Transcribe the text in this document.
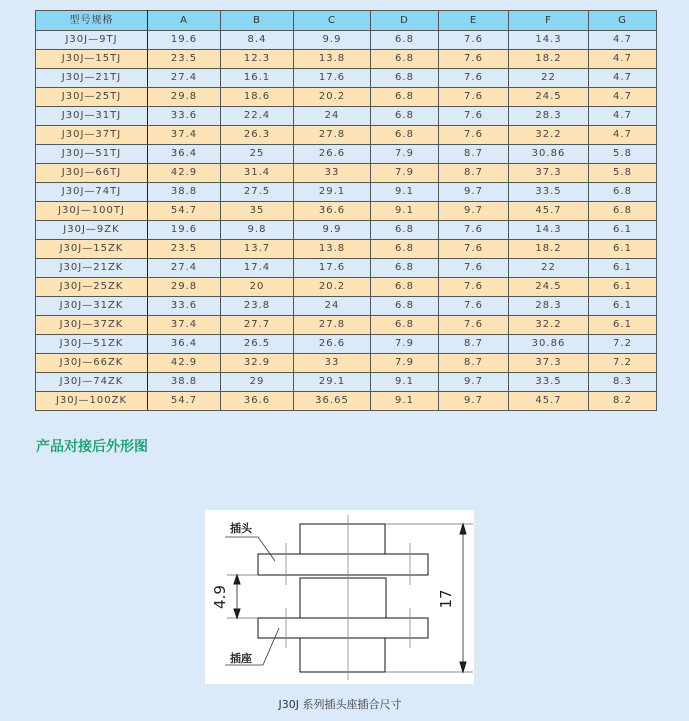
型号规格	A	B	C	D	E	F	G
J30J—9TJ	19.6	8.4	9.9	6.8	7.6	14.3	4.7
J30J—15TJ	23.5	12.3	13.8	6.8	7.6	18.2	4.7
J30J—21TJ	27.4	16.1	17.6	6.8	7.6	22	4.7
J30J—25TJ	29.8	18.6	20.2	6.8	7.6	24.5	4.7
J30J—31TJ	33.6	22.4	24	6.8	7.6	28.3	4.7
J30J—37TJ	37.4	26.3	27.8	6.8	7.6	32.2	4.7
J30J—51TJ	36.4	25	26.6	7.9	8.7	30.86	5.8
J30J—66TJ	42.9	31.4	33	7.9	8.7	37.3	5.8
J30J—74TJ	38.8	27.5	29.1	9.1	9.7	33.5	6.8
J30J—100TJ	54.7	35	36.6	9.1	9.7	45.7	6.8
J30J—9ZK	19.6	9.8	9.9	6.8	7.6	14.3	6.1
J30J—15ZK	23.5	13.7	13.8	6.8	7.6	18.2	6.1
J30J—21ZK	27.4	17.4	17.6	6.8	7.6	22	6.1
J30J—25ZK	29.8	20	20.2	6.8	7.6	24.5	6.1
J30J—31ZK	33.6	23.8	24	6.8	7.6	28.3	6.1
J30J—37ZK	37.4	27.7	27.8	6.8	7.6	32.2	6.1
J30J—51ZK	36.4	26.5	26.6	7.9	8.7	30.86	7.2
J30J—66ZK	42.9	32.9	33	7.9	8.7	37.3	7.2
J30J—74ZK	38.8	29	29.1	9.1	9.7	33.5	8.3
J30J—100ZK	54.7	36.6	36.65	9.1	9.7	45.7	8.2
产品对接后外形图
插头
插座
4.9	17
J30J 系列插头座插合尺寸
